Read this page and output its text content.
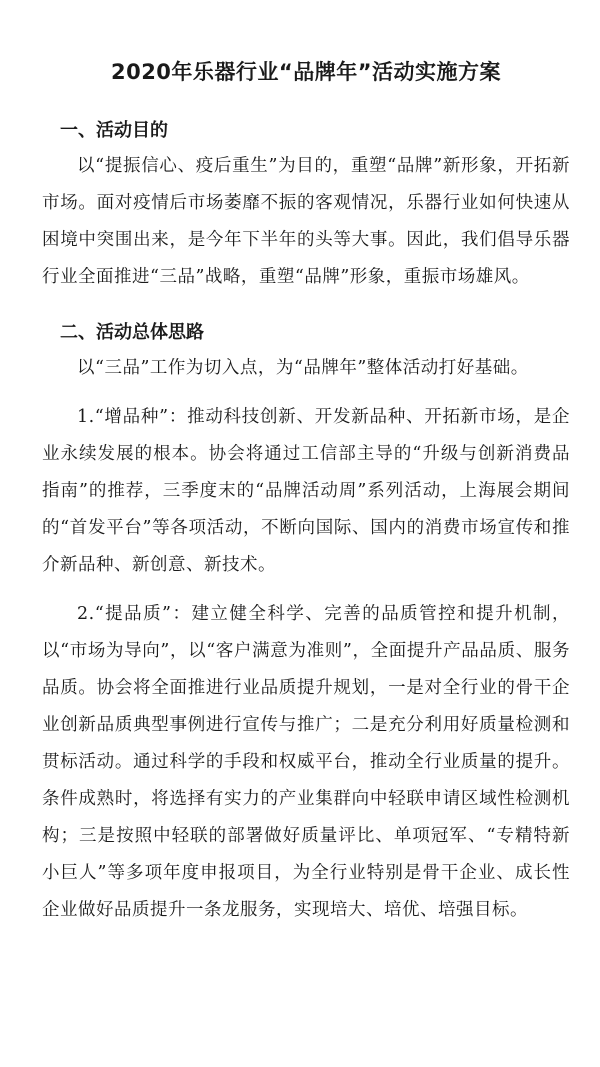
2020年乐器行业“品牌年”活动实施方案
一、活动目的

以“提振信心、疫后重生”为目的，重塑“品牌”新形象，开拓新市场。面对疫情后市场萎靡不振的客观情况，乐器行业如何快速从困境中突围出来，是今年下半年的头等大事。因此，我们倡导乐器行业全面推进“三品”战略，重塑“品牌”形象，重振市场雄风。

二、活动总体思路

以“三品”工作为切入点，为“品牌年”整体活动打好基础。

1.“增品种”：推动科技创新、开发新品种、开拓新市场，是企业永续发展的根本。协会将通过工信部主导的“升级与创新消费品指南”的推荐，三季度末的“品牌活动周”系列活动，上海展会期间的“首发平台”等各项活动，不断向国际、国内的消费市场宣传和推介新品种、新创意、新技术。

2.“提品质”：建立健全科学、完善的品质管控和提升机制，以“市场为导向”，以“客户满意为准则”，全面提升产品品质、服务品质。协会将全面推进行业品质提升规划，一是对全行业的骨干企业创新品质典型事例进行宣传与推广；二是充分利用好质量检测和贯标活动。通过科学的手段和权威平台，推动全行业质量的提升。条件成熟时，将选择有实力的产业集群向中轻联申请区域性检测机构；三是按照中轻联的部署做好质量评比、单项冠军、“专精特新小巨人”等多项年度申报项目，为全行业特别是骨干企业、成长性企业做好品质提升一条龙服务，实现培大、培优、培强目标。
